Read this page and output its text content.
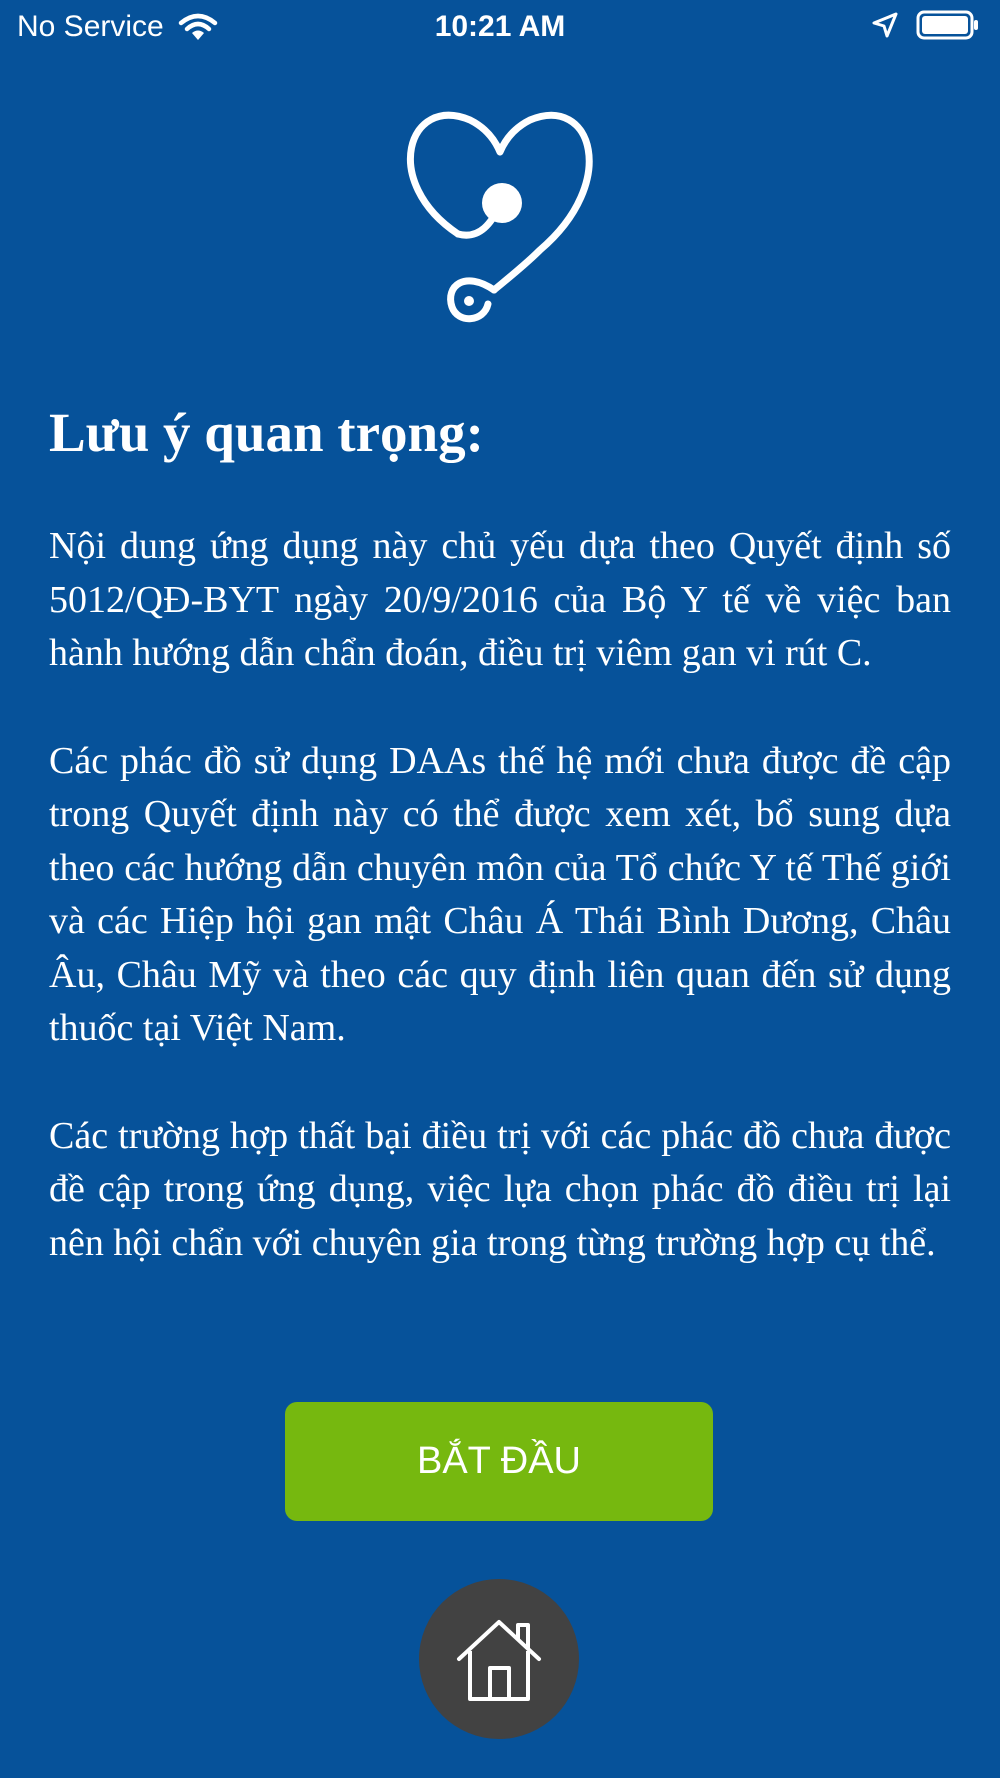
No Service	10:21 AM
Lưu ý quan trọng:

Nội dung ứng dụng này chủ yếu dựa theo Quyết định số 5012/QĐ-BYT ngày 20/9/2016 của Bộ Y tế về việc ban hành hướng dẫn chẩn đoán, điều trị viêm gan vi rút C.

Các phác đồ sử dụng DAAs thế hệ mới chưa được đề cập trong Quyết định này có thể được xem xét, bổ sung dựa theo các hướng dẫn chuyên môn của Tổ chức Y tế Thế giới và các Hiệp hội gan mật Châu Á Thái Bình Dương, Châu Âu, Châu Mỹ và theo các quy định liên quan đến sử dụng thuốc tại Việt Nam.

Các trường hợp thất bại điều trị với các phác đồ chưa được đề cập trong ứng dụng, việc lựa chọn phác đồ điều trị lại nên hội chẩn với chuyên gia trong từng trường hợp cụ thể.

BẮT ĐẦU
